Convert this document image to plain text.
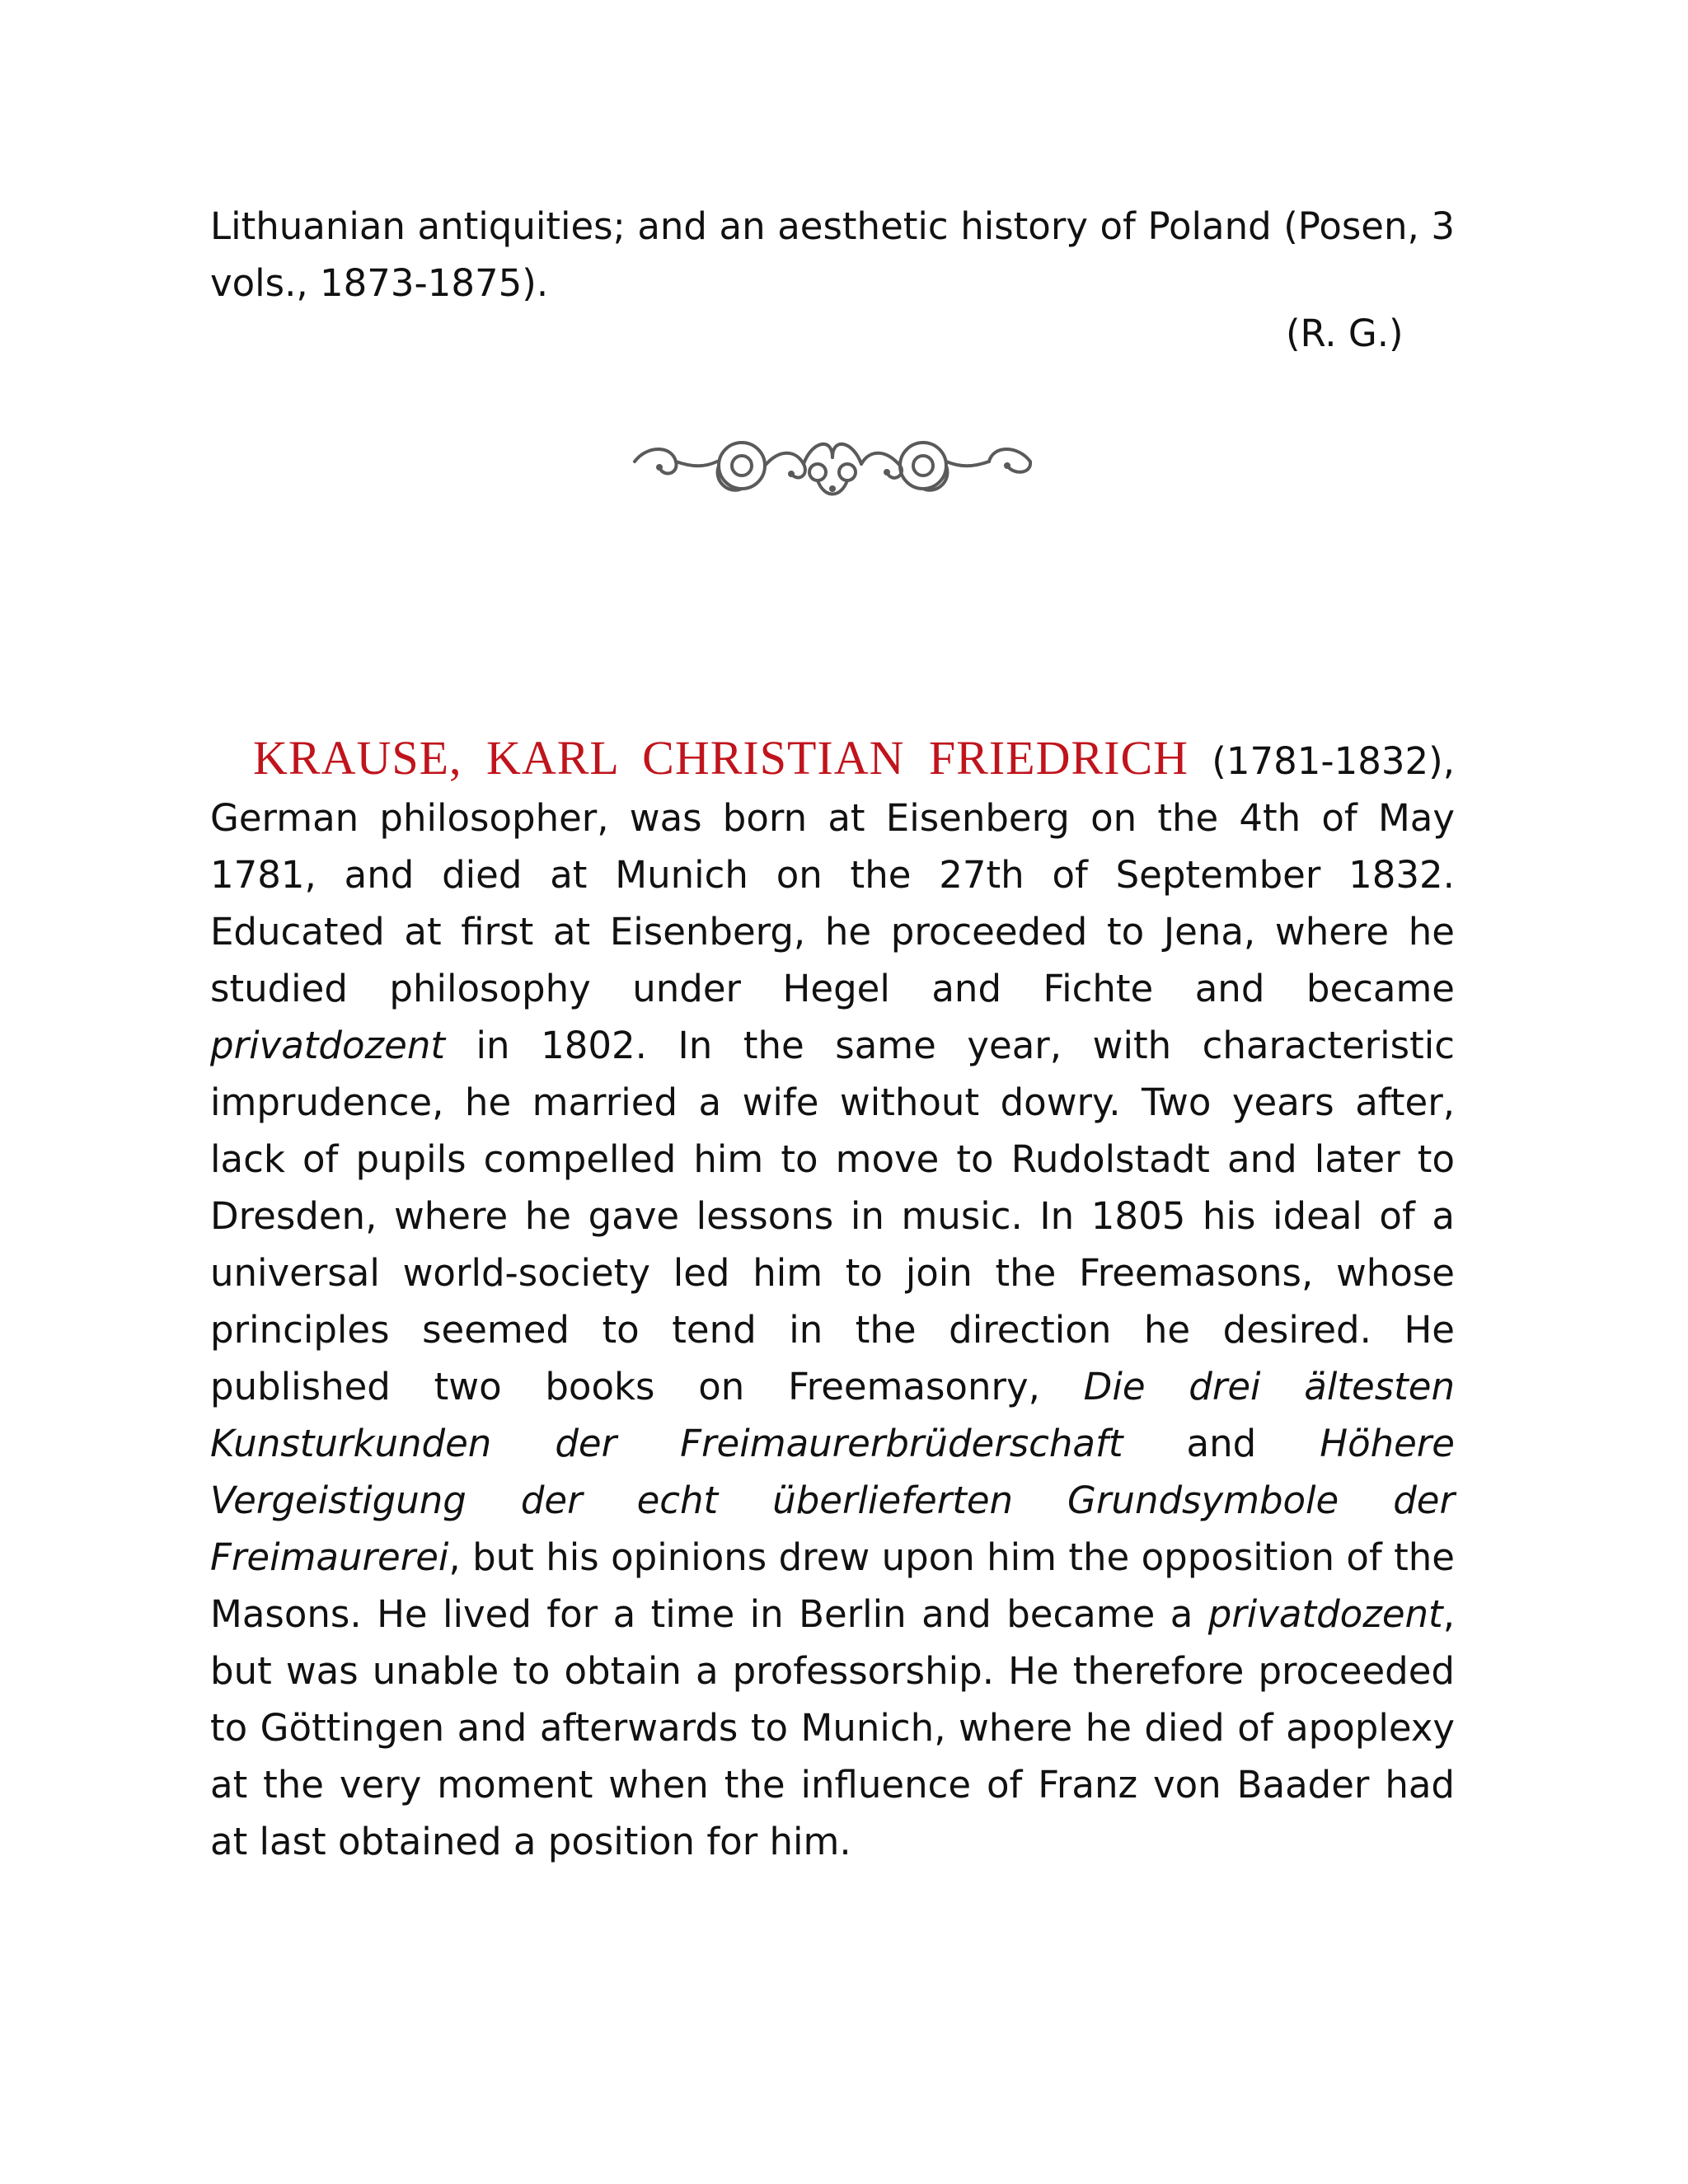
Lithuanian antiquities; and an aesthetic history of Poland (Posen, 3 vols., 1873-1875).

(R. G.)

KRAUSE, KARL CHRISTIAN FRIEDRICH (1781-1832), German philosopher, was born at Eisenberg on the 4th of May 1781, and died at Munich on the 27th of September 1832. Educated at first at Eisenberg, he proceeded to Jena, where he studied philosophy under Hegel and Fichte and became privatdozent in 1802. In the same year, with characteristic imprudence, he married a wife without dowry. Two years after, lack of pupils compelled him to move to Rudolstadt and later to Dresden, where he gave lessons in music. In 1805 his ideal of a universal world-society led him to join the Freemasons, whose principles seemed to tend in the direction he desired. He published two books on Freemasonry, Die drei ältesten Kunsturkunden der Freimaurerbrüderschaft and Höhere Vergeistigung der echt überlieferten Grundsymbole der Freimaurerei, but his opinions drew upon him the opposition of the Masons. He lived for a time in Berlin and became a privatdozent, but was unable to obtain a professorship. He therefore proceeded to Göttingen and afterwards to Munich, where he died of apoplexy at the very moment when the influence of Franz von Baader had at last obtained a position for him.
